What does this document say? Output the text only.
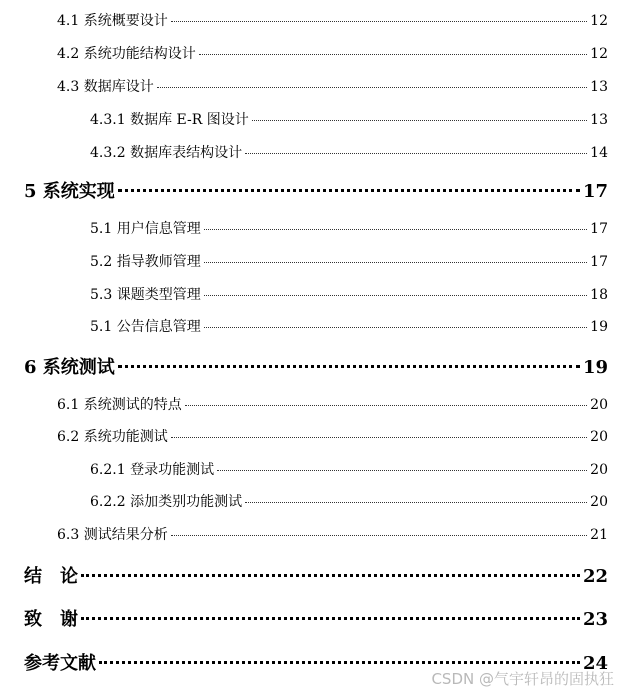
4.1 系统概要设计	12
4.2 系统功能结构设计	12
4.3 数据库设计	13
4.3.1 数据库 E-R 图设计	13
4.3.2 数据库表结构设计	14
5 系统实现	17
5.1 用户信息管理	17
5.2 指导教师管理	17
5.3 课题类型管理	18
5.1 公告信息管理	19
6 系统测试	19
6.1 系统测试的特点	20
6.2 系统功能测试	20
6.2.1 登录功能测试	20
6.2.2 添加类别功能测试	20
6.3 测试结果分析	21
结　论	22
致　谢	23
参考文献	24
CSDN @气宇轩昂的固执狂
